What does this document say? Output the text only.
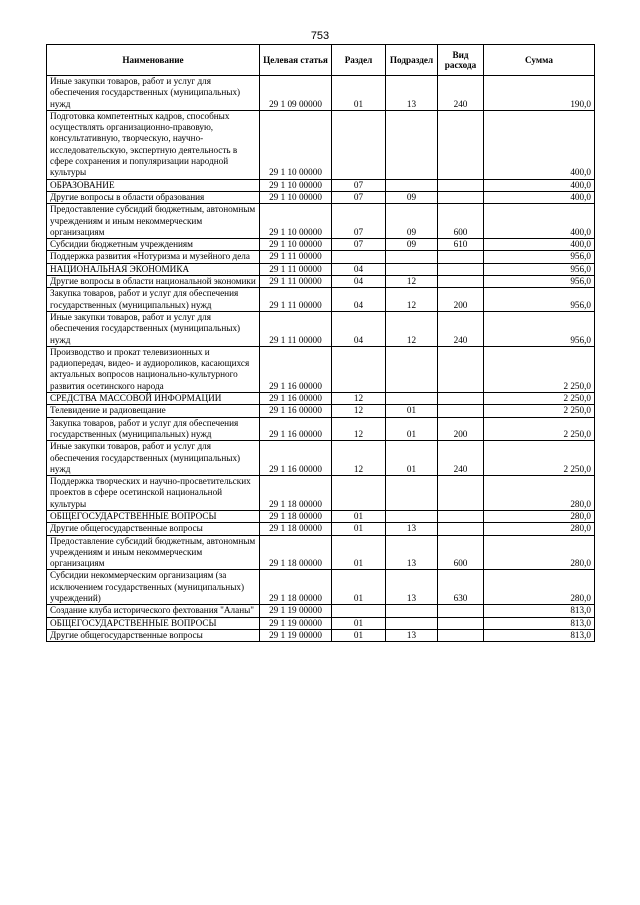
753
Наименование	Целевая статья	Раздел	Подраздел	Вид расхода	Сумма
Иные закупки товаров, работ и услуг для обеспечения государственных (муниципальных) нужд	29 1 09 00000	01	13	240	190,0
Подготовка компетентных кадров, способных осуществлять организационно-правовую, консультативную, творческую, научно-исследовательскую, экспертную деятельность в сфере сохранения и популяризации народной культуры	29 1 10 00000				400,0
ОБРАЗОВАНИЕ	29 1 10 00000	07			400,0
Другие вопросы в области образования	29 1 10 00000	07	09		400,0
Предоставление субсидий бюджетным, автономным учреждениям и иным некоммерческим организациям	29 1 10 00000	07	09	600	400,0
Субсидии бюджетным учреждениям	29 1 10 00000	07	09	610	400,0
Поддержка развития «Нотуризма и музейного дела	29 1 11 00000				956,0
НАЦИОНАЛЬНАЯ ЭКОНОМИКА	29 1 11 00000	04			956,0
Другие вопросы в области национальной экономики	29 1 11 00000	04	12		956,0
Закупка товаров, работ и услуг для обеспечения государственных (муниципальных) нужд	29 1 11 00000	04	12	200	956,0
Иные закупки товаров, работ и услуг для обеспечения государственных (муниципальных) нужд	29 1 11 00000	04	12	240	956,0
Производство и прокат телевизионных и радиопередач, видео- и аудиороликов, касающихся актуальных вопросов национально-культурного развития осетинского народа	29 1 16 00000				2 250,0
СРЕДСТВА МАССОВОЙ ИНФОРМАЦИИ	29 1 16 00000	12			2 250,0
Телевидение и радиовещание	29 1 16 00000	12	01		2 250,0
Закупка товаров, работ и услуг для обеспечения государственных (муниципальных) нужд	29 1 16 00000	12	01	200	2 250,0
Иные закупки товаров, работ и услуг для обеспечения государственных (муниципальных) нужд	29 1 16 00000	12	01	240	2 250,0
Поддержка творческих и научно-просветительских проектов в сфере осетинской национальной культуры	29 1 18 00000				280,0
ОБЩЕГОСУДАРСТВЕННЫЕ ВОПРОСЫ	29 1 18 00000	01			280,0
Другие общегосударственные вопросы	29 1 18 00000	01	13		280,0
Предоставление субсидий бюджетным, автономным учреждениям и иным некоммерческим организациям	29 1 18 00000	01	13	600	280,0
Субсидии некоммерческим организациям (за исключением государственных (муниципальных) учреждений)	29 1 18 00000	01	13	630	280,0
Создание клуба исторического фехтования "Аланы"	29 1 19 00000				813,0
ОБЩЕГОСУДАРСТВЕННЫЕ ВОПРОСЫ	29 1 19 00000	01			813,0
Другие общегосударственные вопросы	29 1 19 00000	01	13		813,0
